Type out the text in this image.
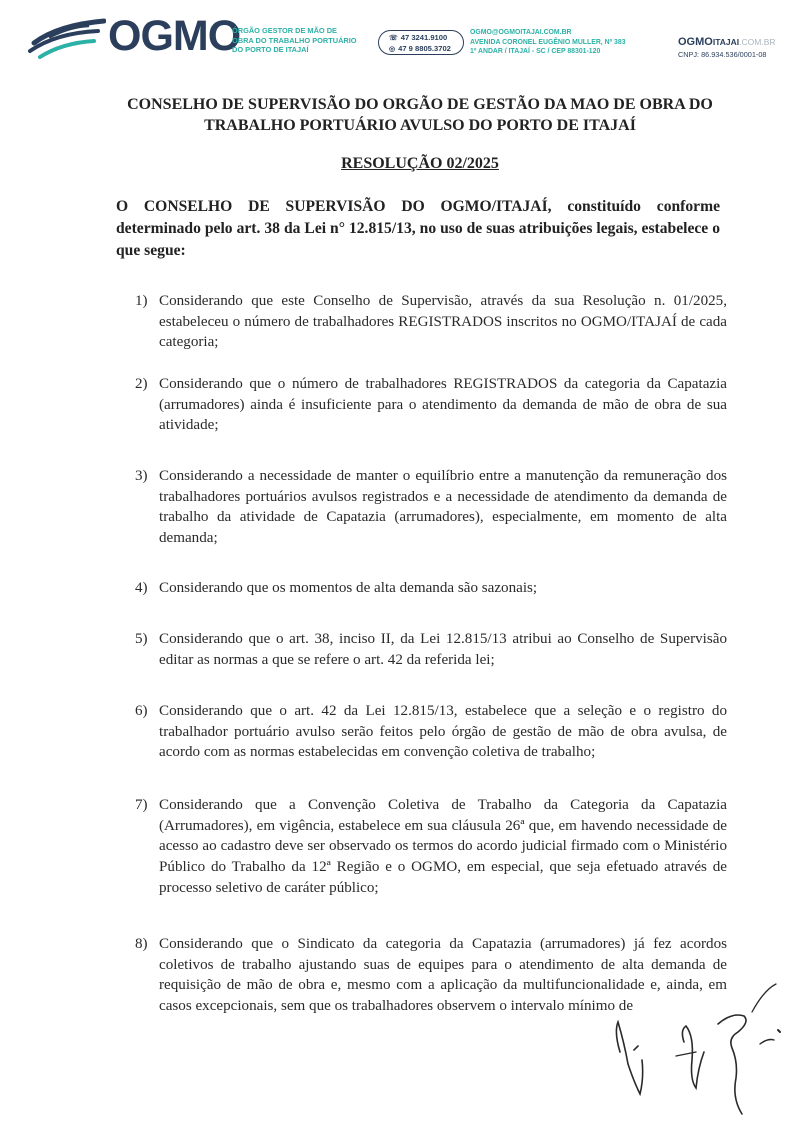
OGMO
ÓRGÃO GESTOR DE MÃO DE
OBRA DO TRABALHO PORTUÁRIO
DO PORTO DE ITAJAÍ
☏ 47 3241.9100
◎ 47 9 8805.3702
OGMO@OGMOITAJAI.COM.BR
AVENIDA CORONEL EUGÊNIO MULLER, Nº 383
1º ANDAR / ITAJAÍ - SC / CEP 88301-120
OGMOITAJAI.COM.BR
CNPJ: 86.934.536/0001-08
CONSELHO DE SUPERVISÃO DO ORGÃO DE GESTÃO DA MAO DE OBRA DO
TRABALHO PORTUÁRIO AVULSO DO PORTO DE ITAJAÍ
RESOLUÇÃO 02/2025
O CONSELHO DE SUPERVISÃO DO OGMO/ITAJAÍ, constituído conforme determinado pelo art. 38 da Lei n° 12.815/13, no uso de suas atribuições legais, estabelece o que segue:
1) Considerando que este Conselho de Supervisão, através da sua Resolução n. 01/2025, estabeleceu o número de trabalhadores REGISTRADOS inscritos no OGMO/ITAJAÍ de cada categoria;
2) Considerando que o número de trabalhadores REGISTRADOS da categoria da Capatazia (arrumadores) ainda é insuficiente para o atendimento da demanda de mão de obra de sua atividade;
3) Considerando a necessidade de manter o equilíbrio entre a manutenção da remuneração dos trabalhadores portuários avulsos registrados e a necessidade de atendimento da demanda de trabalho da atividade de Capatazia (arrumadores), especialmente, em momento de alta demanda;
4) Considerando que os momentos de alta demanda são sazonais;
5) Considerando que o art. 38, inciso II, da Lei 12.815/13 atribui ao Conselho de Supervisão editar as normas a que se refere o art. 42 da referida lei;
6) Considerando que o art. 42 da Lei 12.815/13, estabelece que a seleção e o registro do trabalhador portuário avulso serão feitos pelo órgão de gestão de mão de obra avulsa, de acordo com as normas estabelecidas em convenção coletiva de trabalho;
7) Considerando que a Convenção Coletiva de Trabalho da Categoria da Capatazia (Arrumadores), em vigência, estabelece em sua cláusula 26ª que, em havendo necessidade de acesso ao cadastro deve ser observado os termos do acordo judicial firmado com o Ministério Público do Trabalho da 12ª Região e o OGMO, em especial, que seja efetuado através de processo seletivo de caráter público;
8) Considerando que o Sindicato da categoria da Capatazia (arrumadores) já fez acordos coletivos de trabalho ajustando suas de equipes para o atendimento de alta demanda de requisição de mão de obra e, mesmo com a aplicação da multifuncionalidade e, ainda, em casos excepcionais, sem que os trabalhadores observem o intervalo mínimo de
